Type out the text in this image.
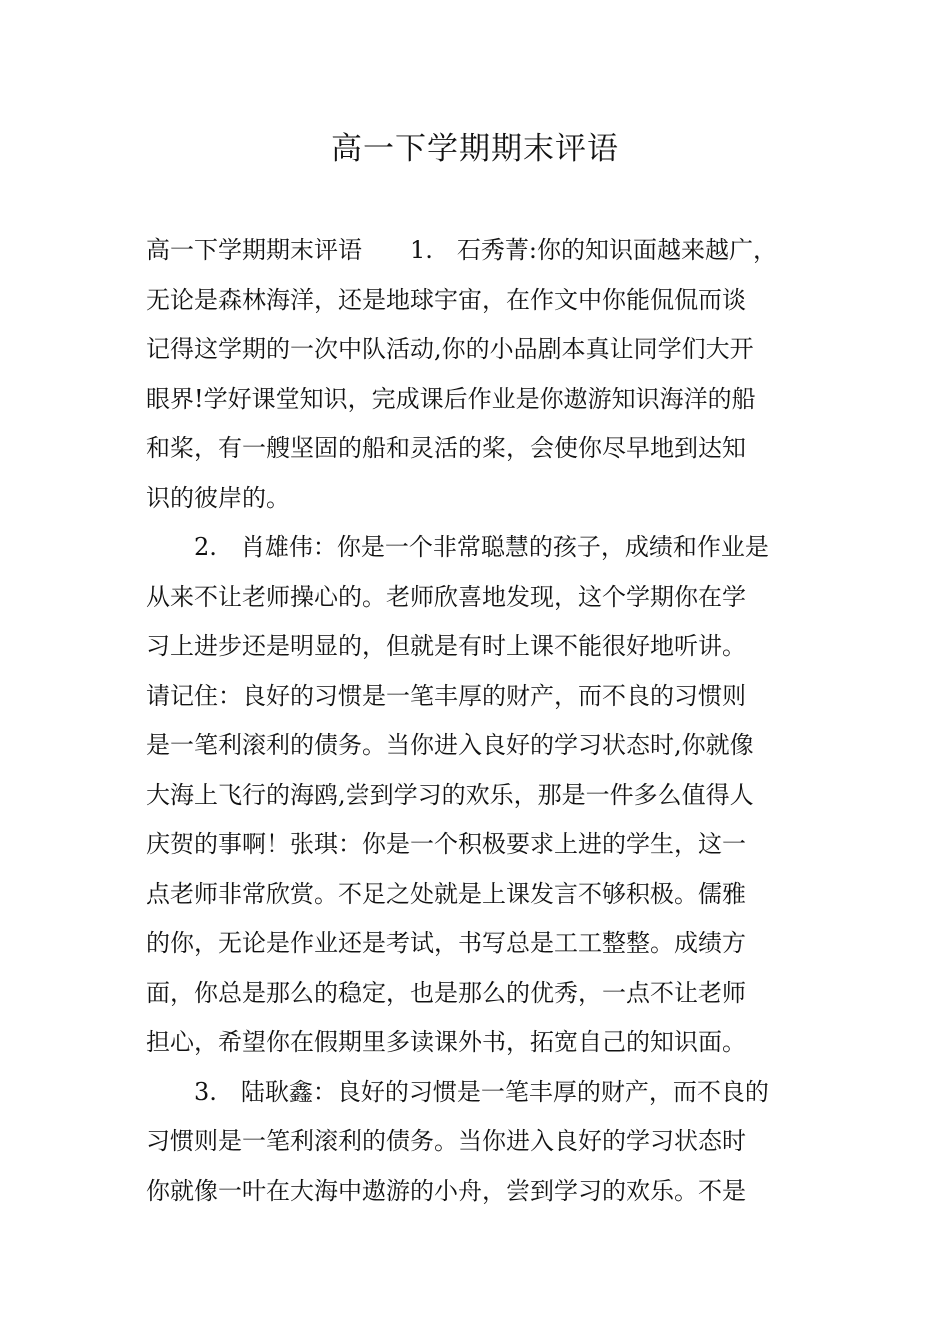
高一下学期期末评语
高一下学期期末评语　　1.　石秀菁:你的知识面越来越广，
无论是森林海洋，还是地球宇宙，在作文中你能侃侃而谈
记得这学期的一次中队活动,你的小品剧本真让同学们大开
眼界!学好课堂知识，完成课后作业是你遨游知识海洋的船
和桨，有一艘坚固的船和灵活的桨，会使你尽早地到达知
识的彼岸的。
　　2.　肖雄伟：你是一个非常聪慧的孩子，成绩和作业是
从来不让老师操心的。老师欣喜地发现，这个学期你在学
习上进步还是明显的，但就是有时上课不能很好地听讲。
请记住：良好的习惯是一笔丰厚的财产，而不良的习惯则
是一笔利滚利的债务。当你进入良好的学习状态时,你就像
大海上飞行的海鸥,尝到学习的欢乐，那是一件多么值得人
庆贺的事啊！张琪：你是一个积极要求上进的学生，这一
点老师非常欣赏。不足之处就是上课发言不够积极。儒雅
的你，无论是作业还是考试，书写总是工工整整。成绩方
面，你总是那么的稳定，也是那么的优秀，一点不让老师
担心，希望你在假期里多读课外书，拓宽自己的知识面。
　　3.　陆耿鑫：良好的习惯是一笔丰厚的财产，而不良的
习惯则是一笔利滚利的债务。当你进入良好的学习状态时
你就像一叶在大海中遨游的小舟，尝到学习的欢乐。不是
